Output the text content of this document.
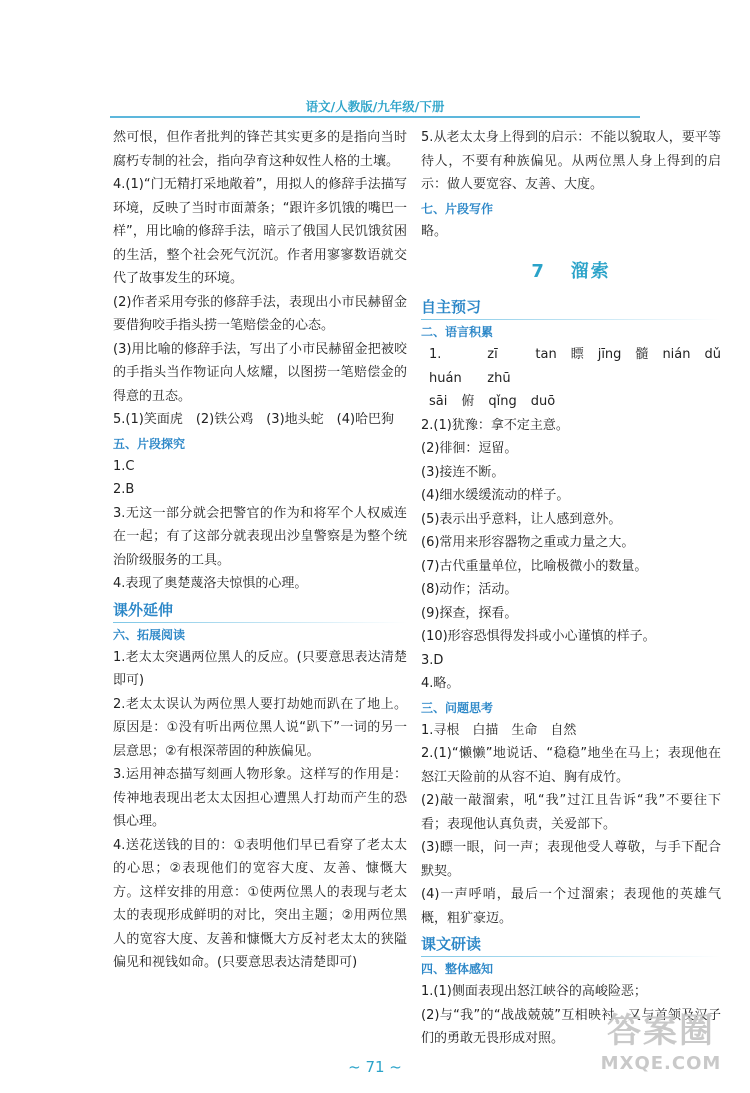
语文/人教版/九年级/下册
然可恨，但作者批判的锋芒其实更多的是指向当时腐朽专制的社会，指向孕育这种奴性人格的土壤。
4.(1)“门无精打采地敞着”，用拟人的修辞手法描写环境，反映了当时市面萧条；“跟许多饥饿的嘴巴一样”，用比喻的修辞手法，暗示了俄国人民饥饿贫困的生活，整个社会死气沉沉。作者用寥寥数语就交代了故事发生的环境。
(2)作者采用夸张的修辞手法，表现出小市民赫留金要借狗咬手指头捞一笔赔偿金的心态。
(3)用比喻的修辞手法，写出了小市民赫留金把被咬的手指头当作物证向人炫耀，以图捞一笔赔偿金的得意的丑态。
5.(1)笑面虎　(2)铁公鸡　(3)地头蛇　(4)哈巴狗
五、片段探究
1.C
2.B
3.无这一部分就会把警官的作为和将军个人权威连在一起；有了这部分就表现出沙皇警察是为整个统治阶级服务的工具。
4.表现了奥楚蔑洛夫惊惧的心理。
课外延伸
六、拓展阅读
1.老太太突遇两位黑人的反应。(只要意思表达清楚即可)
2.老太太误认为两位黑人要打劫她而趴在了地上。原因是：①没有听出两位黑人说“趴下”一词的另一层意思；②有根深蒂固的种族偏见。
3.运用神态描写刻画人物形象。这样写的作用是：传神地表现出老太太因担心遭黑人打劫而产生的恐惧心理。
4.送花送钱的目的：①表明他们早已看穿了老太太的心思；②表现他们的宽容大度、友善、慷慨大方。这样安排的用意：①使两位黑人的表现与老太太的表现形成鲜明的对比，突出主题；②用两位黑人的宽容大度、友善和慷慨大方反衬老太太的狭隘偏见和视钱如命。(只要意思表达清楚即可)
5.从老太太身上得到的启示：不能以貌取人，要平等待人，不要有种族偏见。从两位黑人身上得到的启示：做人要宽容、友善、大度。
七、片段写作
略。
7 溜索
自主预习
二、语言积累
1. huán
zī zhū
tan 瞟 jīng 髓 nián dǔ
sāi 俯 qǐng duō
2.(1)犹豫：拿不定主意。
(2)徘徊：逗留。
(3)接连不断。
(4)细水缓缓流动的样子。
(5)表示出乎意料，让人感到意外。
(6)常用来形容器物之重或力量之大。
(7)古代重量单位，比喻极微小的数量。
(8)动作；活动。
(9)探查，探看。
(10)形容恐惧得发抖或小心谨慎的样子。
3.D
4.略。
三、问题思考
1.寻根　白描　生命　自然
2.(1)“懒懒”地说话、“稳稳”地坐在马上；表现他在怒江天险前的从容不迫、胸有成竹。
(2)敲一敲溜索，吼“我”过江且告诉“我”不要往下看；表现他认真负责，关爱部下。
(3)瞟一眼，问一声；表现他受人尊敬，与手下配合默契。
(4)一声呼哨，最后一个过溜索；表现他的英雄气概，粗犷豪迈。
课文研读
四、整体感知
1.(1)侧面表现出怒江峡谷的高峻险恶；
(2)与“我”的“战战兢兢”互相映衬，又与首领及汉子们的勇敢无畏形成对照。
~ 71 ~
答案圈
MXQE.COM
